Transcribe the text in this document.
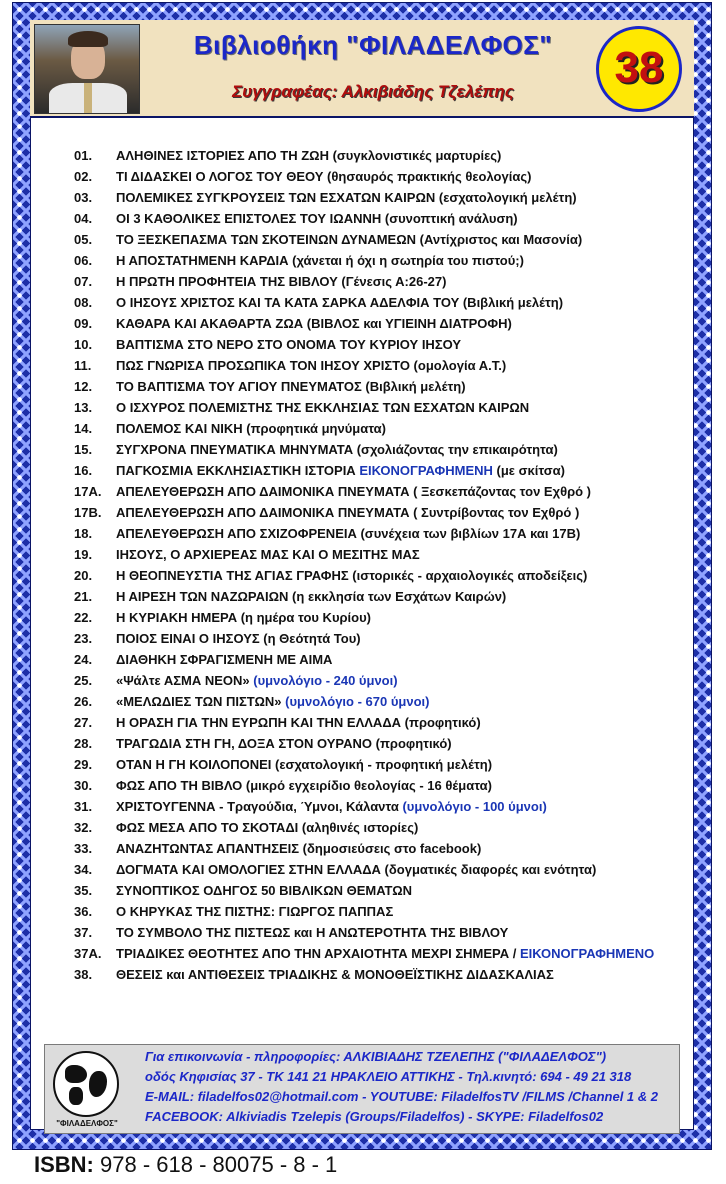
Βιβλιοθήκη "ΦΙΛΑΔΕΛΦΟΣ"
Συγγραφέας: Αλκιβιάδης Τζελέπης	38
01. ΑΛΗΘΙΝΕΣ ΙΣΤΟΡΙΕΣ ΑΠΟ ΤΗ ΖΩΗ (συγκλονιστικές μαρτυρίες)
02. ΤΙ ΔΙΔΑΣΚΕΙ Ο ΛΟΓΟΣ ΤΟΥ ΘΕΟΥ (θησαυρός πρακτικής θεολογίας)
03. ΠΟΛΕΜΙΚΕΣ ΣΥΓΚΡΟΥΣΕΙΣ ΤΩΝ ΕΣΧΑΤΩΝ ΚΑΙΡΩΝ (εσχατολογική μελέτη)
04. ΟΙ 3 ΚΑΘΟΛΙΚΕΣ ΕΠΙΣΤΟΛΕΣ ΤΟΥ ΙΩΑΝΝΗ (συνοπτική ανάλυση)
05. ΤΟ ΞΕΣΚΕΠΑΣΜΑ ΤΩΝ ΣΚΟΤΕΙΝΩΝ ΔΥΝΑΜΕΩΝ (Αντίχριστος και Μασονία)
06. Η ΑΠΟΣΤΑΤΗΜΕΝΗ ΚΑΡΔΙΑ (χάνεται ή όχι η σωτηρία του πιστού;)
07. Η ΠΡΩΤΗ ΠΡΟΦΗΤΕΙΑ ΤΗΣ ΒΙΒΛΟΥ (Γένεσις Α:26-27)
08. Ο ΙΗΣΟΥΣ ΧΡΙΣΤΟΣ ΚΑΙ ΤΑ ΚΑΤΑ ΣΑΡΚΑ ΑΔΕΛΦΙΑ ΤΟΥ (Βιβλική μελέτη)
09. ΚΑΘΑΡΑ ΚΑΙ ΑΚΑΘΑΡΤΑ ΖΩΑ (ΒΙΒΛΟΣ και ΥΓΙΕΙΝΗ ΔΙΑΤΡΟΦΗ)
10. ΒΑΠΤΙΣΜΑ ΣΤΟ ΝΕΡΟ ΣΤΟ ΟΝΟΜΑ ΤΟΥ ΚΥΡΙΟΥ ΙΗΣΟΥ
11. ΠΩΣ ΓΝΩΡΙΣΑ ΠΡΟΣΩΠΙΚΑ ΤΟΝ ΙΗΣΟΥ ΧΡΙΣΤΟ (ομολογία Α.Τ.)
12. ΤΟ ΒΑΠΤΙΣΜΑ ΤΟΥ ΑΓΙΟΥ ΠΝΕΥΜΑΤΟΣ (Βιβλική μελέτη)
13. Ο ΙΣΧΥΡΟΣ ΠΟΛΕΜΙΣΤΗΣ ΤΗΣ ΕΚΚΛΗΣΙΑΣ ΤΩΝ ΕΣΧΑΤΩΝ ΚΑΙΡΩΝ
14. ΠΟΛΕΜΟΣ ΚΑΙ ΝΙΚΗ (προφητικά μηνύματα)
15. ΣΥΓΧΡΟΝΑ ΠΝΕΥΜΑΤΙΚΑ ΜΗΝΥΜΑΤΑ (σχολιάζοντας την επικαιρότητα)
16. ΠΑΓΚΟΣΜΙΑ ΕΚΚΛΗΣΙΑΣΤΙΚΗ ΙΣΤΟΡΙΑ ΕΙΚΟΝΟΓΡΑΦΗΜΕΝΗ (με σκίτσα)
17Α. ΑΠΕΛΕΥΘΕΡΩΣΗ ΑΠΟ ΔΑΙΜΟΝΙΚΑ ΠΝΕΥΜΑΤΑ ( Ξεσκεπάζοντας τον Εχθρό )
17Β. ΑΠΕΛΕΥΘΕΡΩΣΗ ΑΠΟ ΔΑΙΜΟΝΙΚΑ ΠΝΕΥΜΑΤΑ ( Συντρίβοντας τον Εχθρό )
18. ΑΠΕΛΕΥΘΕΡΩΣΗ ΑΠΟ ΣΧΙΖΟΦΡΕΝΕΙΑ (συνέχεια των βιβλίων 17Α και 17Β)
19. ΙΗΣΟΥΣ, Ο ΑΡΧΙΕΡΕΑΣ ΜΑΣ ΚΑΙ Ο ΜΕΣΙΤΗΣ ΜΑΣ
20. Η ΘΕΟΠΝΕΥΣΤΙΑ ΤΗΣ ΑΓΙΑΣ ΓΡΑΦΗΣ (ιστορικές - αρχαιολογικές αποδείξεις)
21. Η ΑΙΡΕΣΗ ΤΩΝ ΝΑΖΩΡΑΙΩΝ (η εκκλησία των Εσχάτων Καιρών)
22. Η ΚΥΡΙΑΚΗ ΗΜΕΡΑ (η ημέρα του Κυρίου)
23. ΠΟΙΟΣ ΕΙΝΑΙ Ο ΙΗΣΟΥΣ (η Θεότητά Του)
24. ΔΙΑΘΗΚΗ ΣΦΡΑΓΙΣΜΕΝΗ ΜΕ ΑΙΜΑ
25. «Ψάλτε ΑΣΜΑ ΝΕΟΝ» (υμνολόγιο - 240 ύμνοι)
26. «ΜΕΛΩΔΙΕΣ ΤΩΝ ΠΙΣΤΩΝ» (υμνολόγιο - 670 ύμνοι)
27. Η ΟΡΑΣΗ ΓΙΑ ΤΗΝ ΕΥΡΩΠΗ ΚΑΙ ΤΗΝ ΕΛΛΑΔΑ (προφητικό)
28. ΤΡΑΓΩΔΙΑ ΣΤΗ ΓΗ, ΔΟΞΑ ΣΤΟΝ ΟΥΡΑΝΟ (προφητικό)
29. ΟΤΑΝ Η ΓΗ ΚΟΙΛΟΠΟΝΕΙ (εσχατολογική - προφητική μελέτη)
30. ΦΩΣ ΑΠΟ ΤΗ ΒΙΒΛΟ (μικρό εγχειρίδιο θεολογίας - 16 θέματα)
31. ΧΡΙΣΤΟΥΓΕΝΝΑ - Τραγούδια, Ύμνοι, Κάλαντα (υμνολόγιο - 100 ύμνοι)
32. ΦΩΣ ΜΕΣΑ ΑΠΟ ΤΟ ΣΚΟΤΑΔΙ (αληθινές ιστορίες)
33. ΑΝΑΖΗΤΩΝΤΑΣ ΑΠΑΝΤΗΣΕΙΣ (δημοσιεύσεις στο facebook)
34. ΔΟΓΜΑΤΑ ΚΑΙ ΟΜΟΛΟΓΙΕΣ ΣΤΗΝ ΕΛΛΑΔΑ (δογματικές διαφορές και ενότητα)
35. ΣΥΝΟΠΤΙΚΟΣ ΟΔΗΓΟΣ 50 ΒΙΒΛΙΚΩΝ ΘΕΜΑΤΩΝ
36. Ο ΚΗΡΥΚΑΣ ΤΗΣ ΠΙΣΤΗΣ: ΓΙΩΡΓΟΣ ΠΑΠΠΑΣ
37. ΤΟ ΣΥΜΒΟΛΟ ΤΗΣ ΠΙΣΤΕΩΣ και Η ΑΝΩΤΕΡΟΤΗΤΑ ΤΗΣ ΒΙΒΛΟΥ
37Α. ΤΡΙΑΔΙΚΕΣ ΘΕΟΤΗΤΕΣ ΑΠΟ ΤΗΝ ΑΡΧΑΙΟΤΗΤΑ ΜΕΧΡΙ ΣΗΜΕΡΑ / ΕΙΚΟΝΟΓΡΑΦΗΜΕΝΟ
38. ΘΕΣΕΙΣ και ΑΝΤΙΘΕΣΕΙΣ ΤΡΙΑΔΙΚΗΣ & ΜΟΝΟΘΕΪΣΤΙΚΗΣ ΔΙΔΑΣΚΑΛΙΑΣ
"ΦΙΛΑΔΕΛΦΟΣ"
Για επικοινωνία - πληροφορίες: ΑΛΚΙΒΙΑΔΗΣ ΤΖΕΛΕΠΗΣ ("ΦΙΛΑΔΕΛΦΟΣ")
οδός Κηφισίας 37 - ΤΚ 141 21 ΗΡΑΚΛΕΙΟ ΑΤΤΙΚΗΣ - Τηλ.κινητό: 694 - 49 21 318
E-MAIL: filadelfos02@hotmail.com - YOUTUBE: FiladelfosTV /FILMS /Channel 1 & 2
FACEBOOK: Alkiviadis Tzelepis (Groups/Filadelfos) - SKYPE: Filadelfos02
ISBN: 978 - 618 - 80075 - 8 - 1
